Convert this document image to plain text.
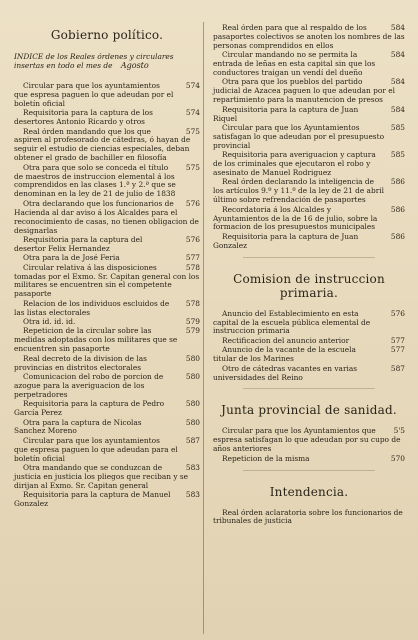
Gobierno político.
INDICE de los Reales órdenes y circulares insertas en todo el mes de Agosto
574
Circular para que los ayuntamientos que espresa paguen lo que adeudan por el boletín oficial
574
Requisitoria para la captura de los desertores Antonio Ricardo y otros
575
Real órden mandando que los que aspiren al profesorado de cátedras, ó hayan de seguir el estudio de ciencias especiales, deban obtener el grado de bachiller en filosofía
575
Otra para que solo se conceda el título de maestros de instruccion elemental á los comprendidos en las clases 1.ª y 2.ª que se denominan en la ley de 21 de julio de 1838
576
Otra declarando que los funcionarios de Hacienda al dar aviso á los Alcaldes para el reconocimiento de casas, no tienen obligacion de designarlas
576
Requisitoria para la captura del desertor Felix Hernandez
577
Otra para la de José Feria
578
Circular relativa á las disposiciones tomadas por el Exmo. Sr. Capitan general con los militares se encuentren sin el competente pasaporte
578
Relacion de los individuos escluidos de las listas electorales
579
Otra id. id. id.
579
Repeticion de la circular sobre las medidas adoptadas con los militares que se encuentren sin pasaporte
580
Real decreto de la division de las provincias en distritos electorales
580
Comunicacion del robo de porcion de azogue para la averiguacion de los perpetradores
580
Requisitoria para la captura de Pedro García Perez
580
Otra para la captura de Nicolas Sanchez Moreno
587
Circular para que los ayuntamientos que espresa paguen lo que adeudan para el boletín oficial
583
Otra mandando que se conduzcan de justicia en justicia los pliegos que reciban y se dirijan al Exmo. Sr. Capitan general
583
Requisitoria para la captura de Manuel Gonzalez
584
Real órden para que al respaldo de los pasaportes colectivos se anoten los nombres de las personas comprendidos en ellos
584
Circular mandando no se permita la entrada de leñas en esta capital sin que los conductores traigan un vendí del dueño
584
Otra para que los pueblos del partido judicial de Azacea paguen lo que adeudan por el repartimiento para la manutencion de presos
584
Requisitoria para la captura de Juan Riquel
585
Circular para que los Ayuntamientos satisfagan lo que adeudan por el presupuesto provincial
585
Requisitoria para averiguacion y captura de los criminales que ejecutaron el robo y asesinato de Manuel Rodriguez
586
Real órden declarando la inteligencia de los artículos 9.º y 11.º de la ley de 21 de abril último sobre refrendación de pasaportes
586
Recordatoria á los Alcaldes y Ayuntamientos de la de 16 de julio, sobre la formacion de los presupuestos municipales
586
Requisitoria para la captura de Juan Gonzalez
Comision de instruccion primaria.
576
Anuncio del Establecimiento en esta capital de la escuela pública elemental de instruccion primaria
577
Rectificacion del anuncio anterior
577
Anuncio de la vacante de la escuela titular de los Marines
587
Otro de cátedras vacantes en varias universidades del Reino
Junta provincial de sanidad.
5'5
Circular para que los Ayuntamientos que espresa satisfagan lo que adeudan por su cupo de años anteriores
570
Repeticion de la misma
Intendencia.
Real órden aclaratoria sobre los funcionarios de tribunales de justicia
